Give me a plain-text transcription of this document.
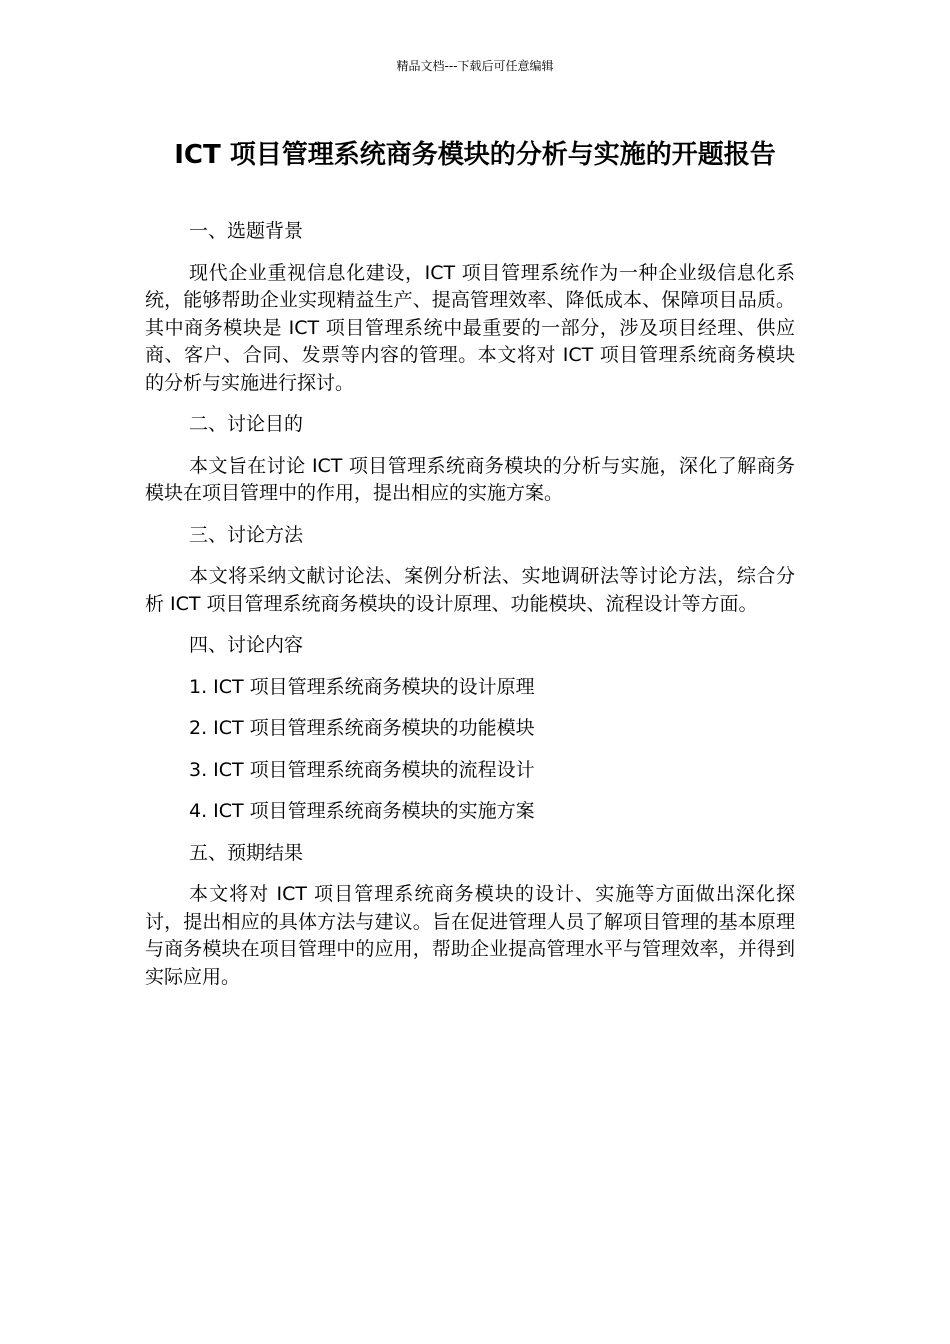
精品文档---下载后可任意编辑
ICT 项目管理系统商务模块的分析与实施的开题报告

一、选题背景

现代企业重视信息化建设，ICT 项目管理系统作为一种企业级信息化系统，能够帮助企业实现精益生产、提高管理效率、降低成本、保障项目品质。其中商务模块是 ICT 项目管理系统中最重要的一部分，涉及项目经理、供应商、客户、合同、发票等内容的管理。本文将对 ICT 项目管理系统商务模块的分析与实施进行探讨。

二、讨论目的

本文旨在讨论 ICT 项目管理系统商务模块的分析与实施，深化了解商务模块在项目管理中的作用，提出相应的实施方案。

三、讨论方法

本文将采纳文献讨论法、案例分析法、实地调研法等讨论方法，综合分析 ICT 项目管理系统商务模块的设计原理、功能模块、流程设计等方面。

四、讨论内容

1. ICT 项目管理系统商务模块的设计原理

2. ICT 项目管理系统商务模块的功能模块

3. ICT 项目管理系统商务模块的流程设计

4. ICT 项目管理系统商务模块的实施方案

五、预期结果

本文将对 ICT 项目管理系统商务模块的设计、实施等方面做出深化探讨，提出相应的具体方法与建议。旨在促进管理人员了解项目管理的基本原理与商务模块在项目管理中的应用，帮助企业提高管理水平与管理效率，并得到实际应用。
